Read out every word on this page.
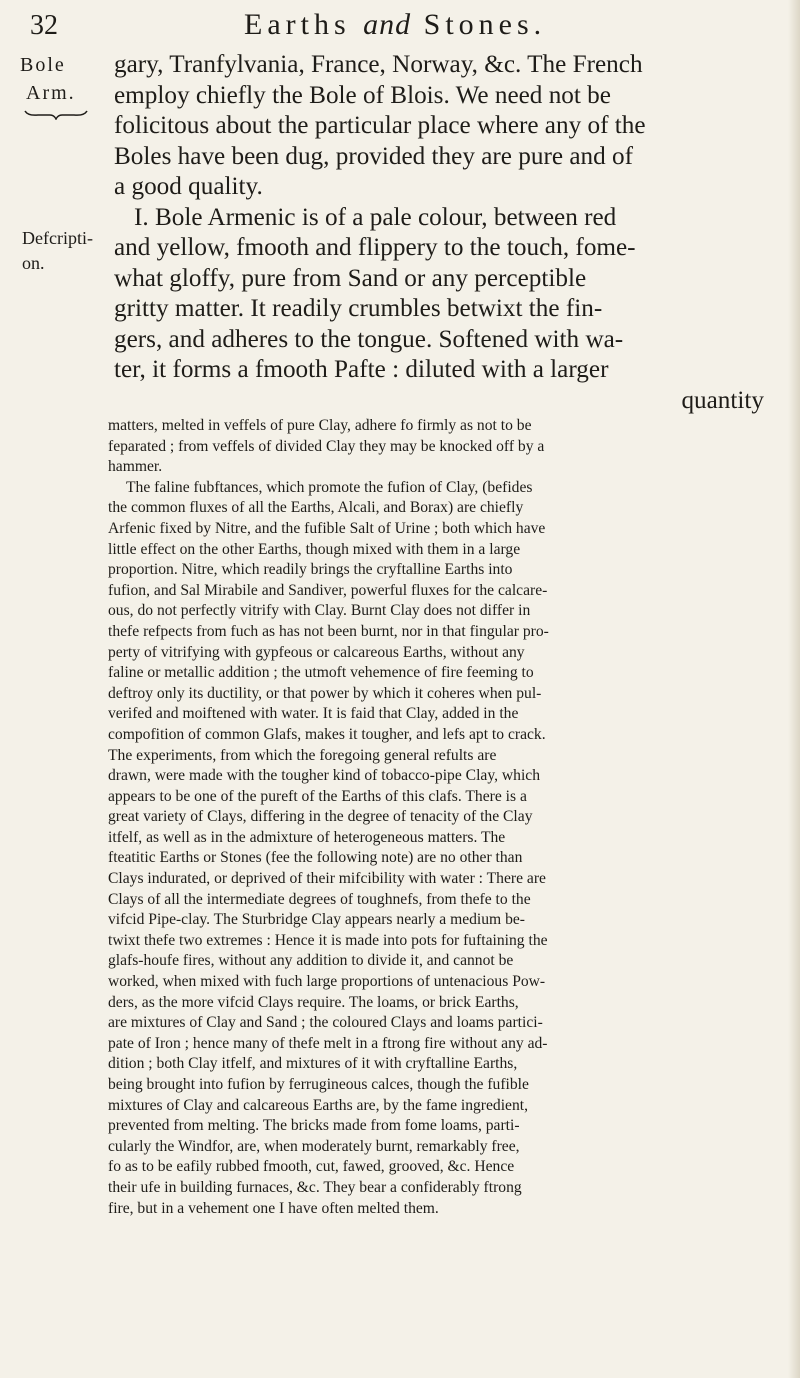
32	Earths and Stones.
Bole
Arm.
Defcripti-
on.
gary, Tranfylvania, France, Norway, &c. The French
employ chiefly the Bole of Blois. We need not be
folicitous about the particular place where any of the
Boles have been dug, provided they are pure and of
a good quality.
I. Bole Armenic is of a pale colour, between red
and yellow, fmooth and flippery to the touch, fome-
what gloffy, pure from Sand or any perceptible
gritty matter. It readily crumbles betwixt the fin-
gers, and adheres to the tongue. Softened with wa-
ter, it forms a fmooth Pafte : diluted with a larger
quantity

matters, melted in veffels of pure Clay, adhere fo firmly as not to be
feparated ; from veffels of divided Clay they may be knocked off by a
hammer.

The faline fubftances, which promote the fufion of Clay, (befides
the common fluxes of all the Earths, Alcali, and Borax) are chiefly
Arfenic fixed by Nitre, and the fufible Salt of Urine ; both which have
little effect on the other Earths, though mixed with them in a large
proportion. Nitre, which readily brings the cryftalline Earths into
fufion, and Sal Mirabile and Sandiver, powerful fluxes for the calcare-
ous, do not perfectly vitrify with Clay. Burnt Clay does not differ in
thefe refpects from fuch as has not been burnt, nor in that fingular pro-
perty of vitrifying with gypfeous or calcareous Earths, without any
faline or metallic addition ; the utmoft vehemence of fire feeming to
deftroy only its ductility, or that power by which it coheres when pul-
verifed and moiftened with water. It is faid that Clay, added in the
compofition of common Glafs, makes it tougher, and lefs apt to crack.
The experiments, from which the foregoing general refults are
drawn, were made with the tougher kind of tobacco-pipe Clay, which
appears to be one of the pureft of the Earths of this clafs. There is a
great variety of Clays, differing in the degree of tenacity of the Clay
itfelf, as well as in the admixture of heterogeneous matters. The
fteatitic Earths or Stones (fee the following note) are no other than
Clays indurated, or deprived of their mifcibility with water : There are
Clays of all the intermediate degrees of toughnefs, from thefe to the
vifcid Pipe-clay. The Sturbridge Clay appears nearly a medium be-
twixt thefe two extremes : Hence it is made into pots for fuftaining the
glafs-houfe fires, without any addition to divide it, and cannot be
worked, when mixed with fuch large proportions of untenacious Pow-
ders, as the more vifcid Clays require. The loams, or brick Earths,
are mixtures of Clay and Sand ; the coloured Clays and loams partici-
pate of Iron ; hence many of thefe melt in a ftrong fire without any ad-
dition ; both Clay itfelf, and mixtures of it with cryftalline Earths,
being brought into fufion by ferrugineous calces, though the fufible
mixtures of Clay and calcareous Earths are, by the fame ingredient,
prevented from melting. The bricks made from fome loams, parti-
cularly the Windfor, are, when moderately burnt, remarkably free,
fo as to be eafily rubbed fmooth, cut, fawed, grooved, &c. Hence
their ufe in building furnaces, &c. They bear a confiderably ftrong
fire, but in a vehement one I have often melted them.
